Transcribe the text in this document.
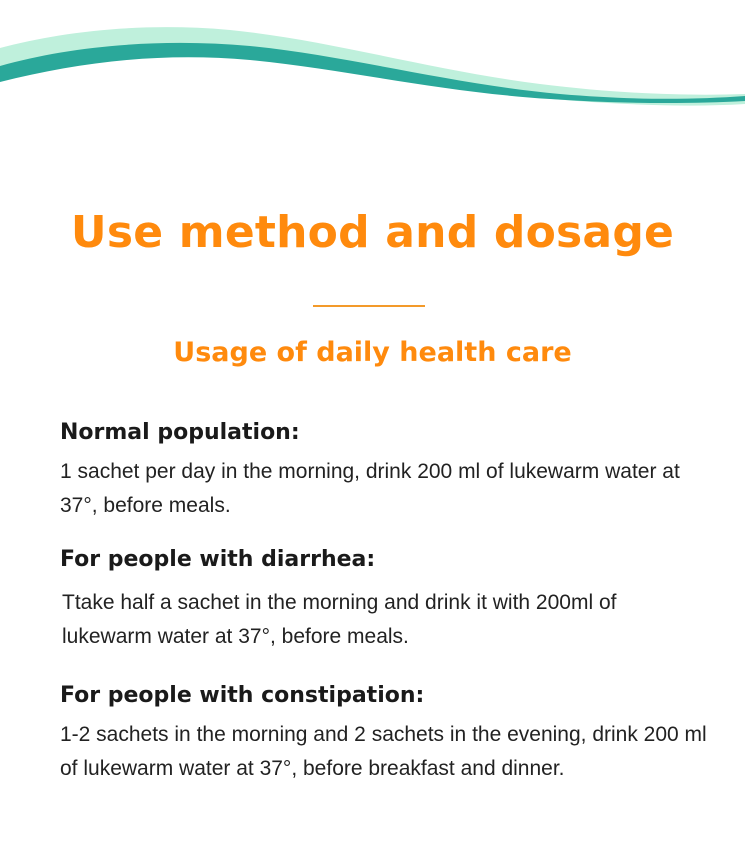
Use method and dosage
Usage of daily health care
Normal population:
1 sachet per day in the morning, drink 200 ml of lukewarm water at 37°, before meals.
For people with diarrhea:
Ttake half a sachet in the morning and drink it with 200ml of lukewarm water at 37°, before meals.
For people with constipation:
1-2 sachets in the morning and 2 sachets in the evening, drink 200 ml of lukewarm water at 37°, before breakfast and dinner.
